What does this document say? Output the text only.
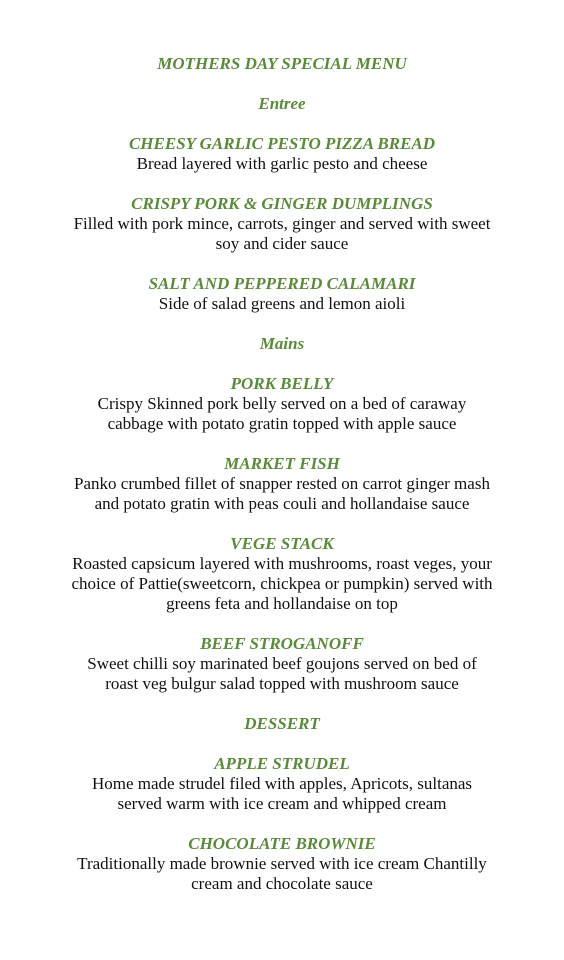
MOTHERS DAY SPECIAL MENU
Entree
CHEESY GARLIC PESTO PIZZA BREAD
Bread layered with garlic pesto and cheese
CRISPY PORK & GINGER DUMPLINGS
Filled with pork mince, carrots, ginger and served with sweet
soy and cider sauce
SALT AND PEPPERED CALAMARI
Side of salad greens and lemon aioli
Mains
PORK BELLY
Crispy Skinned pork belly served on a bed of caraway
cabbage with potato gratin topped with apple sauce
MARKET FISH
Panko crumbed fillet of snapper rested on carrot ginger mash
and potato gratin with peas couli and hollandaise sauce
VEGE STACK
Roasted capsicum layered with mushrooms, roast veges, your
choice of Pattie(sweetcorn, chickpea or pumpkin) served with
greens feta and hollandaise on top
BEEF STROGANOFF
Sweet chilli soy marinated beef goujons served on bed of
roast veg bulgur salad topped with mushroom sauce
DESSERT
APPLE STRUDEL
Home made strudel filed with apples, Apricots, sultanas
served warm with ice cream and whipped cream
CHOCOLATE BROWNIE
Traditionally made brownie served with ice cream Chantilly
cream and chocolate sauce
